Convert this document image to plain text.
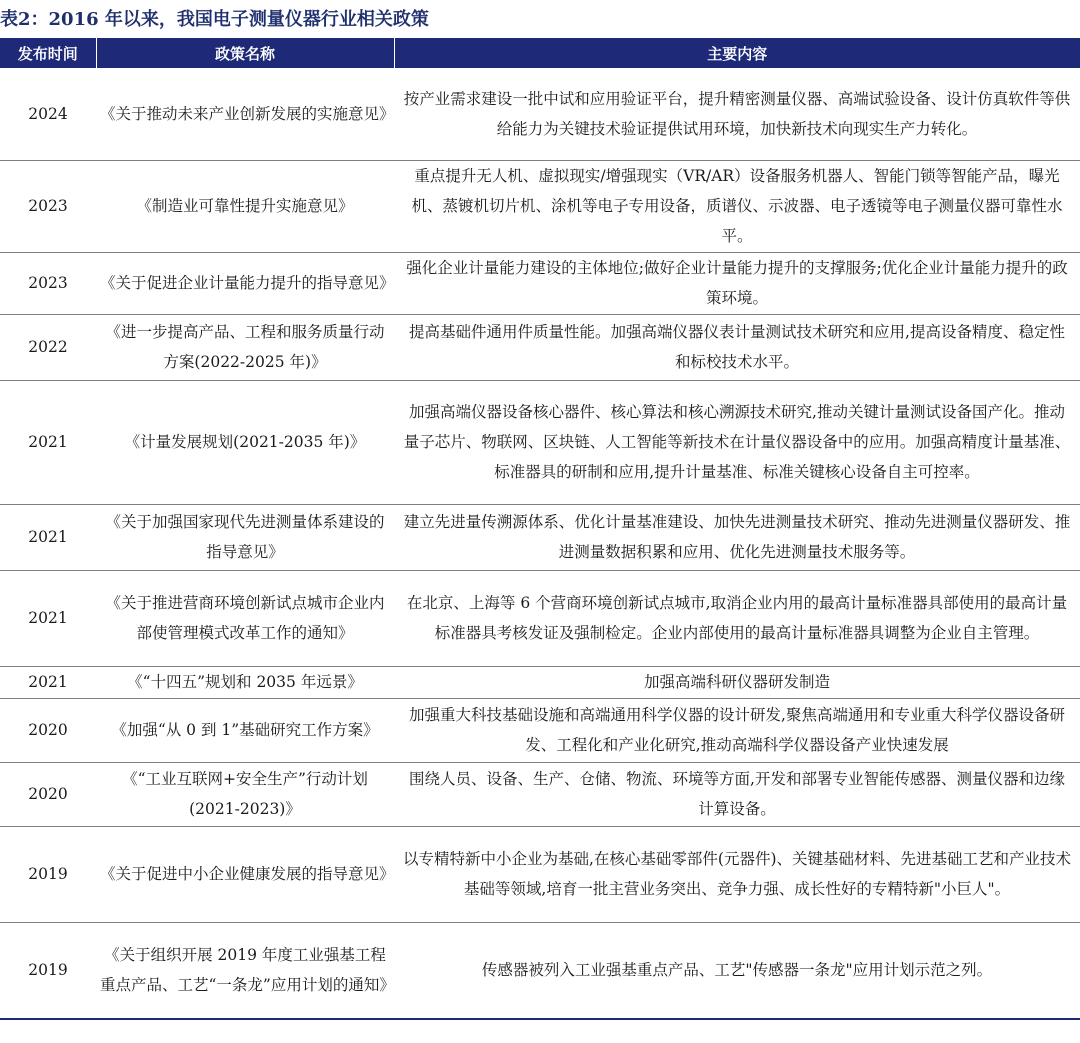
表2：2016 年以来，我国电子测量仪器行业相关政策
发布时间	政策名称	主要内容
2024	《关于推动未来产业创新发展的实施意见》	按产业需求建设一批中试和应用验证平台，提升精密测量仪器、高端试验设备、设计仿真软件等供给能力为关键技术验证提供试用环境，加快新技术向现实生产力转化。
2023	《制造业可靠性提升实施意见》	重点提升无人机、虚拟现实/增强现实（VR/AR）设备服务机器人、智能门锁等智能产品，曝光机、蒸镀机切片机、涂机等电子专用设备，质谱仪、示波器、电子透镜等电子测量仪器可靠性水平。
2023	《关于促进企业计量能力提升的指导意见》	强化企业计量能力建设的主体地位;做好企业计量能力提升的支撑服务;优化企业计量能力提升的政策环境。
2022	《进一步提高产品、工程和服务质量行动方案(2022-2025 年)》	提高基础件通用件质量性能。加强高端仪器仪表计量测试技术研究和应用,提高设备精度、稳定性和标校技术水平。
2021	《计量发展规划(2021-2035 年)》	加强高端仪器设备核心器件、核心算法和核心溯源技术研究,推动关键计量测试设备国产化。推动量子芯片、物联网、区块链、人工智能等新技术在计量仪器设备中的应用。加强高精度计量基准、标准器具的研制和应用,提升计量基准、标准关键核心设备自主可控率。
2021	《关于加强国家现代先进测量体系建设的指导意见》	建立先进量传溯源体系、优化计量基准建设、加快先进测量技术研究、推动先进测量仪器研发、推进测量数据积累和应用、优化先进测量技术服务等。
2021	《关于推进营商环境创新试点城市企业内部使管理模式改革工作的通知》	在北京、上海等 6 个营商环境创新试点城市,取消企业内用的最高计量标准器具部使用的最高计量标准器具考核发证及强制检定。企业内部使用的最高计量标准器具调整为企业自主管理。
2021	《“十四五”规划和 2035 年远景》	加强高端科研仪器研发制造
2020	《加强“从 0 到 1”基础研究工作方案》	加强重大科技基础设施和高端通用科学仪器的设计研发,聚焦高端通用和专业重大科学仪器设备研发、工程化和产业化研究,推动高端科学仪器设备产业快速发展
2020	《“工业互联网+安全生产”行动计划(2021-2023)》	围绕人员、设备、生产、仓储、物流、环境等方面,开发和部署专业智能传感器、测量仪器和边缘计算设备。
2019	《关于促进中小企业健康发展的指导意见》	以专精特新中小企业为基础,在核心基础零部件(元器件)、关键基础材料、先进基础工艺和产业技术基础等领域,培育一批主营业务突出、竞争力强、成长性好的专精特新"小巨人"。
2019	《关于组织开展 2019 年度工业强基工程重点产品、工艺“一条龙”应用计划的通知》	传感器被列入工业强基重点产品、工艺"传感器一条龙"应用计划示范之列。
